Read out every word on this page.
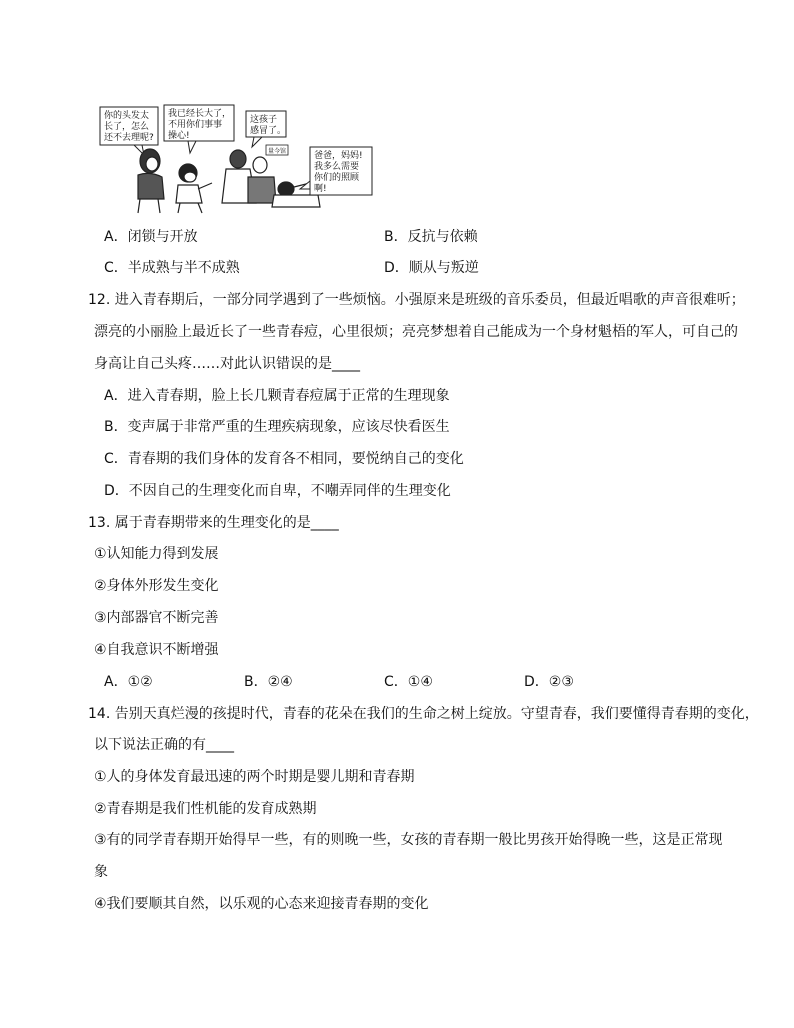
你的头发太
长了，怎么
还不去理呢?
我已经长大了，
不用你们事事
操心!
这孩子
感冒了。
量今馆	爸爸，妈妈!
我多么需要
你们的照顾
啊!
A．闭锁与开放	B．反抗与依赖
C．半成熟与半不成熟	D．顺从与叛逆
12. 进入青春期后，一部分同学遇到了一些烦恼。小强原来是班级的音乐委员，但最近唱歌的声音很难听；
漂亮的小丽脸上最近长了一些青春痘，心里很烦；亮亮梦想着自己能成为一个身材魁梧的军人，可自己的
身高让自己头疼……对此认识错误的是____
A．进入青春期，脸上长几颗青春痘属于正常的生理现象
B．变声属于非常严重的生理疾病现象，应该尽快看医生
C．青春期的我们身体的发育各不相同，要悦纳自己的变化
D．不因自己的生理变化而自卑，不嘲弄同伴的生理变化
13. 属于青春期带来的生理变化的是____
①认知能力得到发展
②身体外形发生变化
③内部器官不断完善
④自我意识不断增强
A．①②	B．②④	C．①④	D．②③
14. 告别天真烂漫的孩提时代，青春的花朵在我们的生命之树上绽放。守望青春，我们要懂得青春期的变化，
以下说法正确的有____
①人的身体发育最迅速的两个时期是婴儿期和青春期
②青春期是我们性机能的发育成熟期
③有的同学青春期开始得早一些，有的则晚一些，女孩的青春期一般比男孩开始得晚一些，这是正常现
象
④我们要顺其自然，以乐观的心态来迎接青春期的变化
